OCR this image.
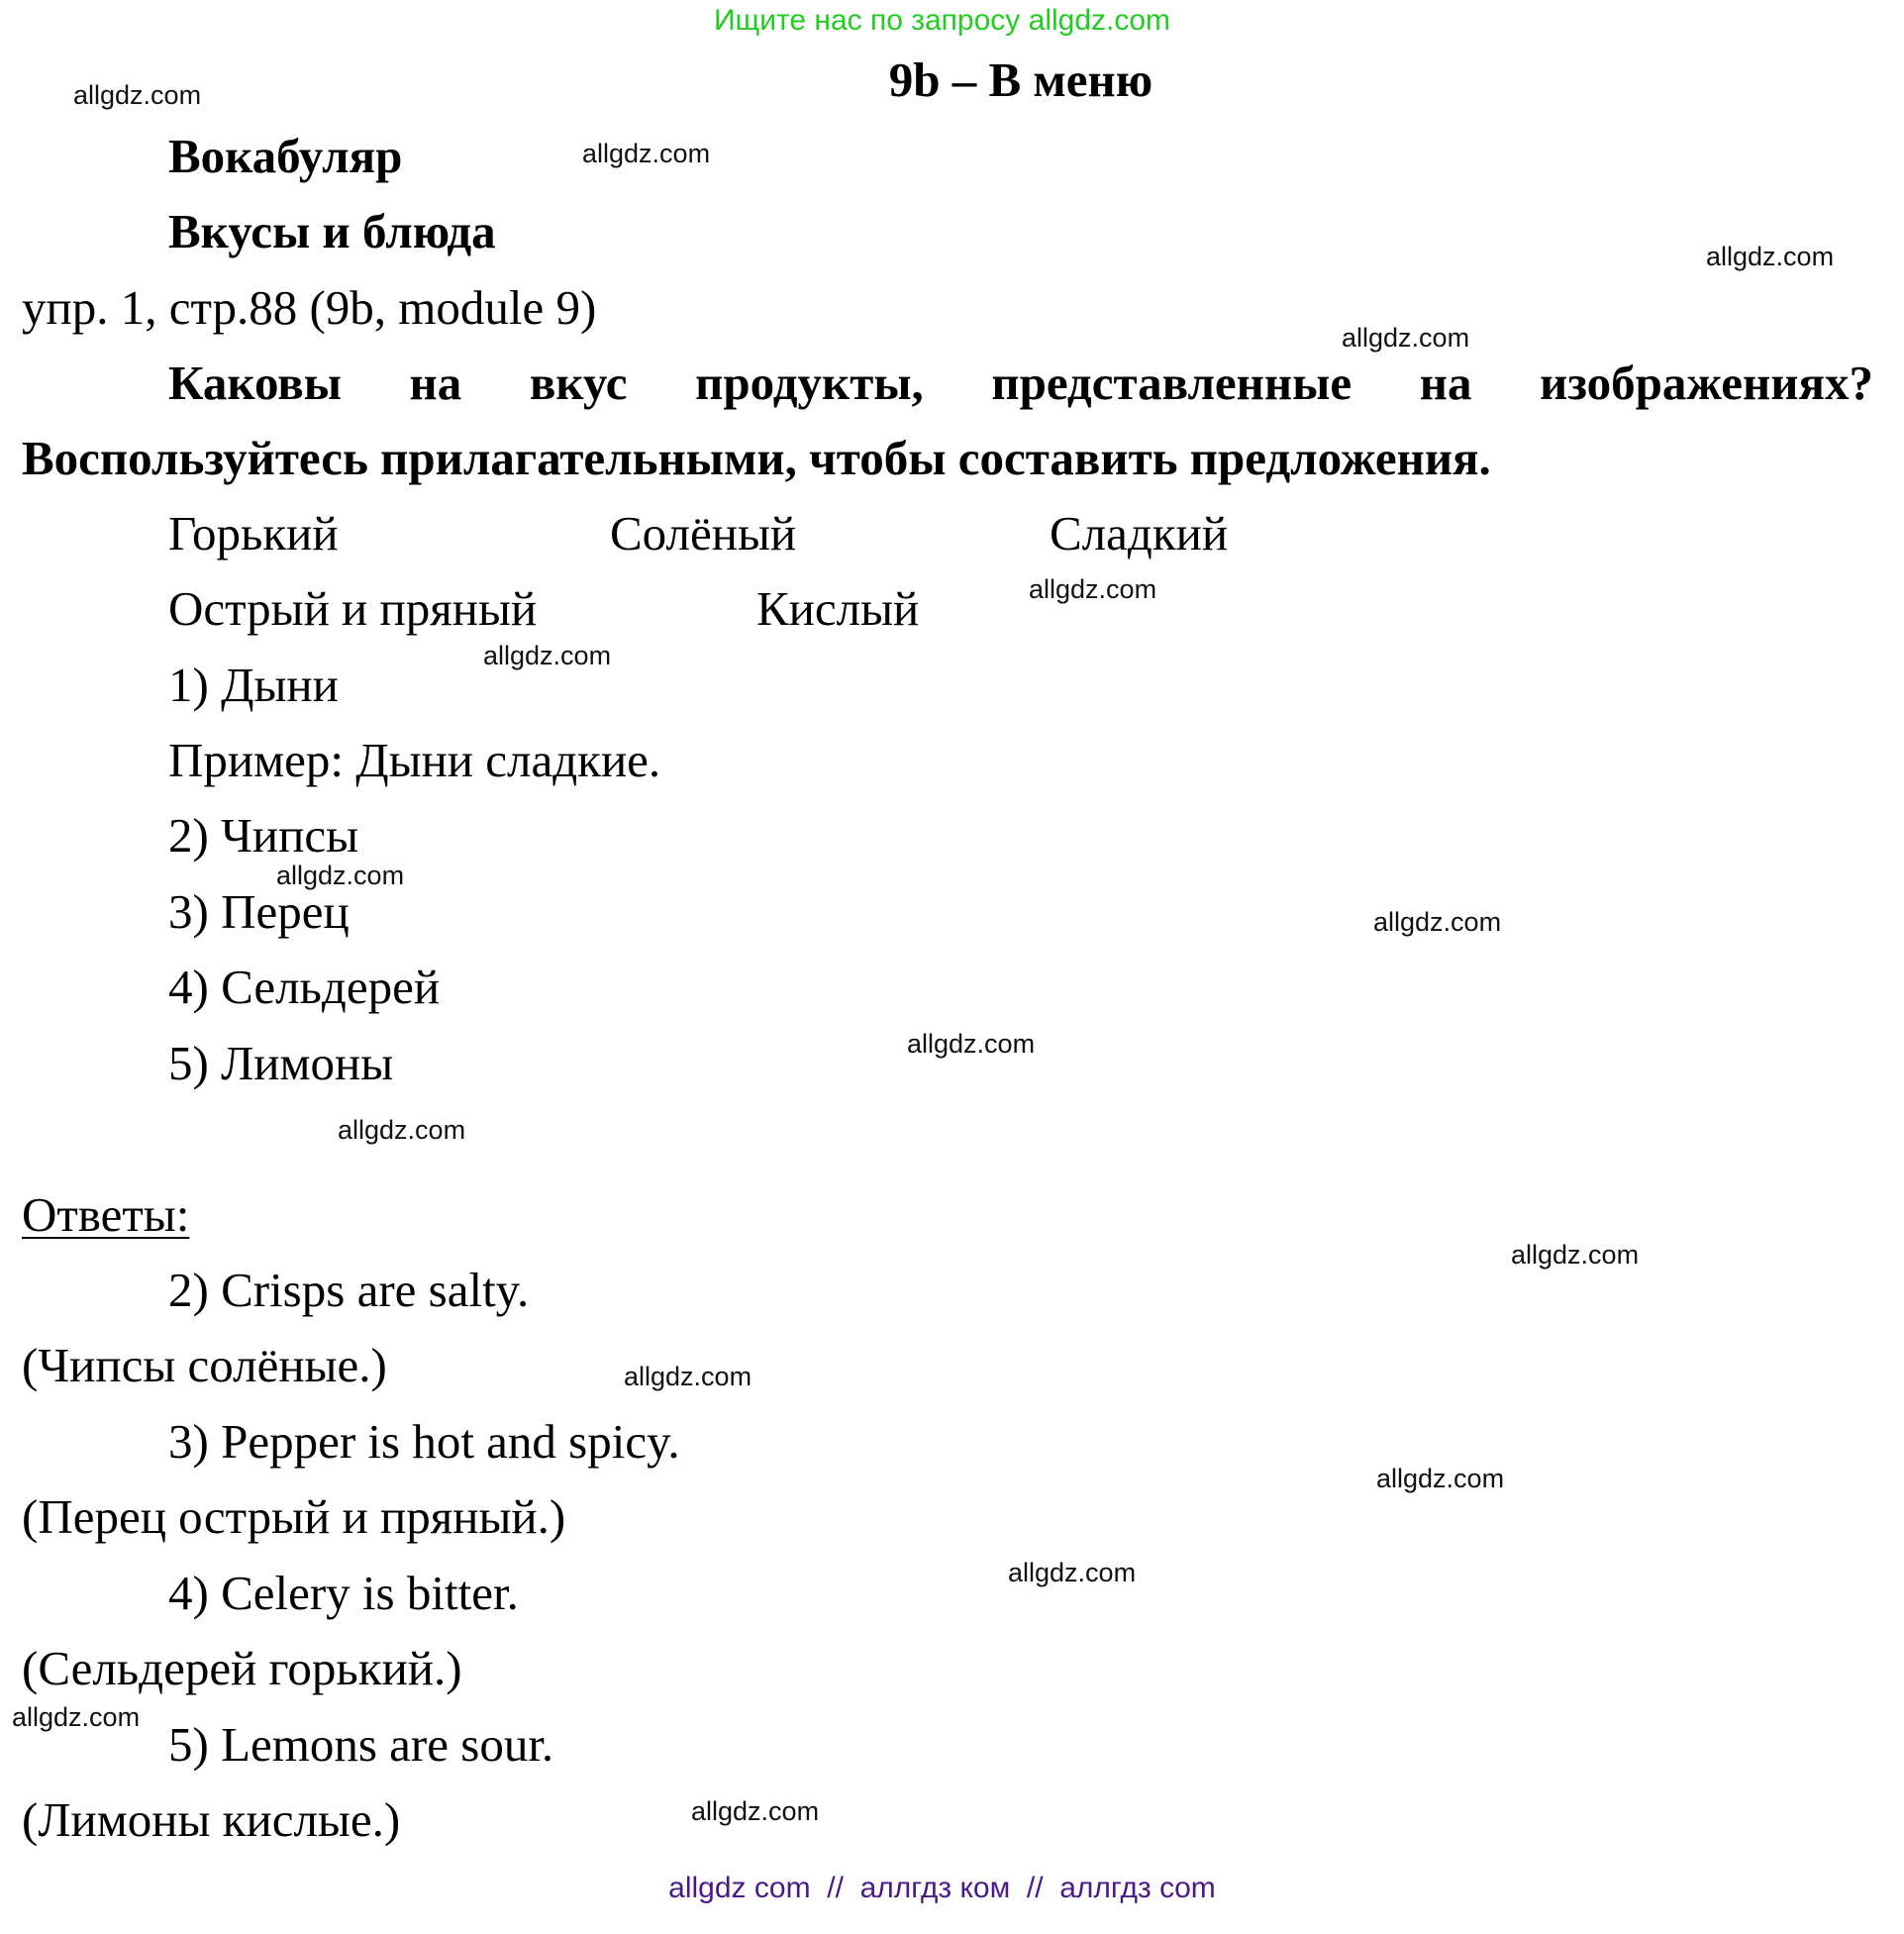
Ищите нас по запросу allgdz.com
9b – В меню
Вокабуляр
Вкусы и блюда
упр. 1, стр.88 (9b, module 9)
Каковы на вкус продукты, представленные на изображениях?
Воспользуйтесь прилагательными, чтобы составить предложения.
Горький	Солёный	Сладкий
Острый и пряный	Кислый
1) Дыни
Пример: Дыни сладкие.
2) Чипсы
3) Перец
4) Сельдерей
5) Лимоны
Ответы:
2) Crisps are salty.
(Чипсы солёные.)
3) Pepper is hot and spicy.
(Перец острый и пряный.)
4) Celery is bitter.
(Сельдерей горький.)
5) Lemons are sour.
(Лимоны кислые.)
allgdz.com
allgdz.com
allgdz.com
allgdz.com
allgdz.com
allgdz.com
allgdz.com
allgdz.com
allgdz.com
allgdz.com
allgdz.com
allgdz.com
allgdz.com
allgdz.com
allgdz.com
allgdz.com
allgdz com  //  аллгдз ком  //  аллгдз com
